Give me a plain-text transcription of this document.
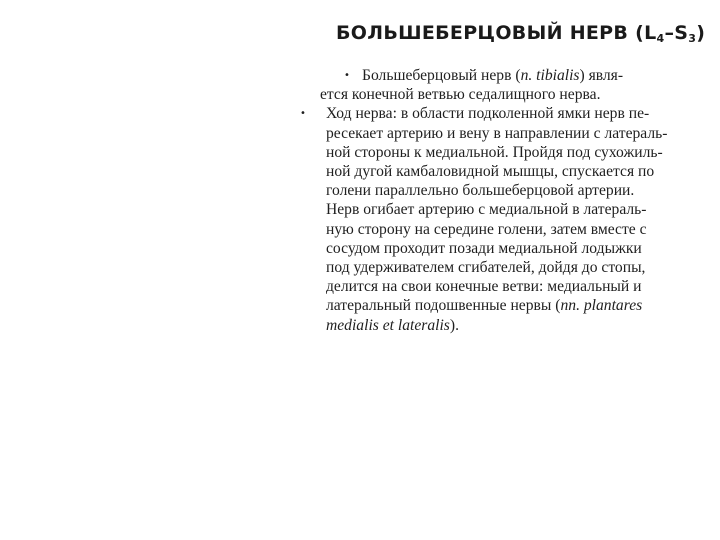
БОЛЬШЕБЕРЦОВЫЙ НЕРВ $(L_4-S_3)$
• Большеберцовый нерв (n. tibialis) явля-
ется конечной ветвью седалищного нерва.
• Ход нерва: в области подколенной ямки нерв пе-
ресекает артерию и вену в направлении с латераль-
ной стороны к медиальной. Пройдя под сухожиль-
ной дугой камбаловидной мышцы, спускается по
голени параллельно большеберцовой артерии.
Нерв огибает артерию с медиальной в латераль-
ную сторону на середине голени, затем вместе с
сосудом проходит позади медиальной лодыжки
под удерживателем сгибателей, дойдя до стопы,
делится на свои конечные ветви: медиальный и
латеральный подошвенные нервы (nn. plantares
medialis et lateralis).
